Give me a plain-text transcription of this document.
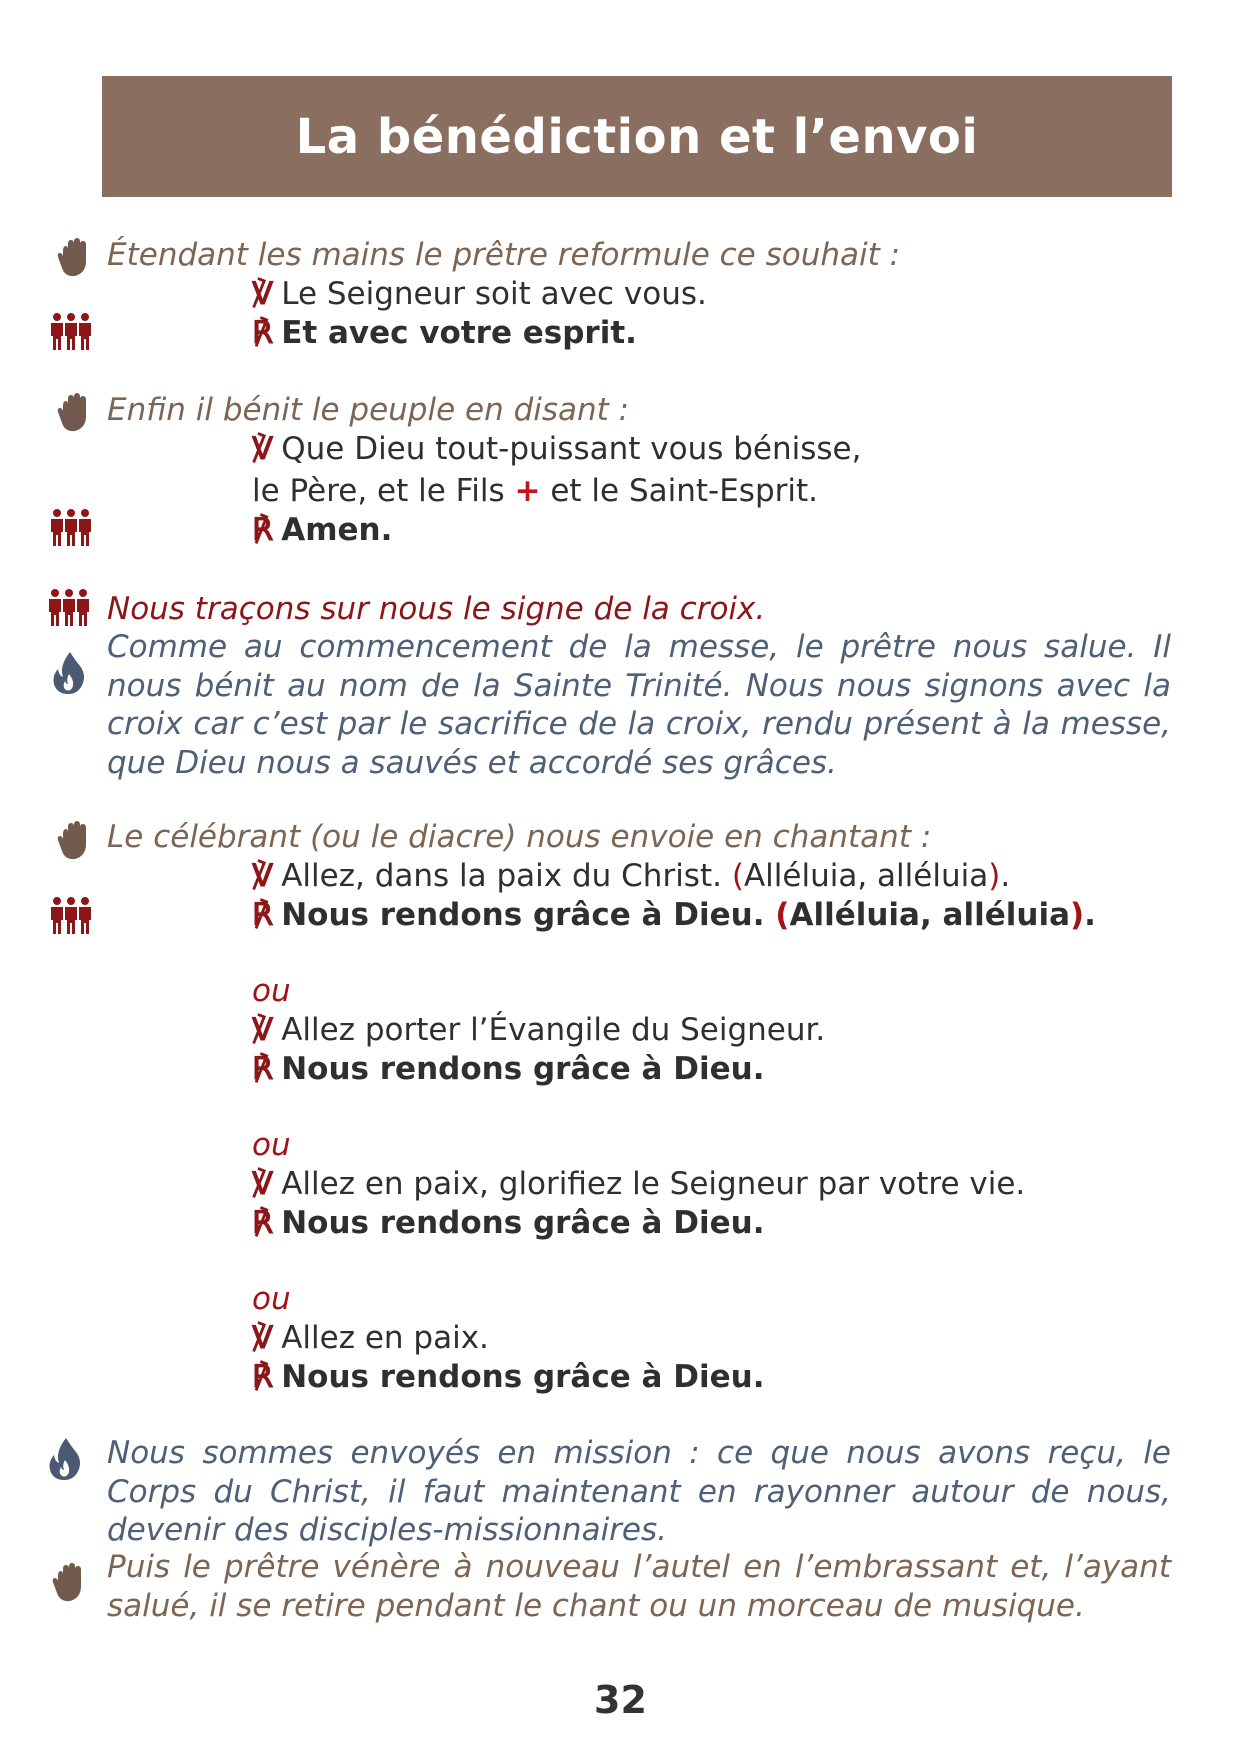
La bénédiction et l’envoi
Étendant les mains le prêtre reformule ce souhait :
℣ Le Seigneur soit avec vous.
℟ Et avec votre esprit.
Enfin il bénit le peuple en disant :
℣ Que Dieu tout-puissant vous bénisse,
le Père, et le Fils + et le Saint-Esprit.
℟ Amen.
Nous traçons sur nous le signe de la croix.
Comme au commencement de la messe, le prêtre nous salue. Il nous bénit au nom de la Sainte Trinité. Nous nous signons avec la croix car c’est par le sacrifice de la croix, rendu présent à la messe, que Dieu nous a sauvés et accordé ses grâces.
Le célébrant (ou le diacre) nous envoie en chantant :
℣ Allez, dans la paix du Christ. (Alléluia, alléluia).
℟ Nous rendons grâce à Dieu. (Alléluia, alléluia).
ou
℣ Allez porter l’Évangile du Seigneur.
℟ Nous rendons grâce à Dieu.
ou
℣ Allez en paix, glorifiez le Seigneur par votre vie.
℟ Nous rendons grâce à Dieu.
ou
℣ Allez en paix.
℟ Nous rendons grâce à Dieu.
Nous sommes envoyés en mission : ce que nous avons reçu, le Corps du Christ, il faut maintenant en rayonner autour de nous, devenir des disciples-missionnaires.
Puis le prêtre vénère à nouveau l’autel en l’embrassant et, l’ayant salué, il se retire pendant le chant ou un morceau de musique.
32
